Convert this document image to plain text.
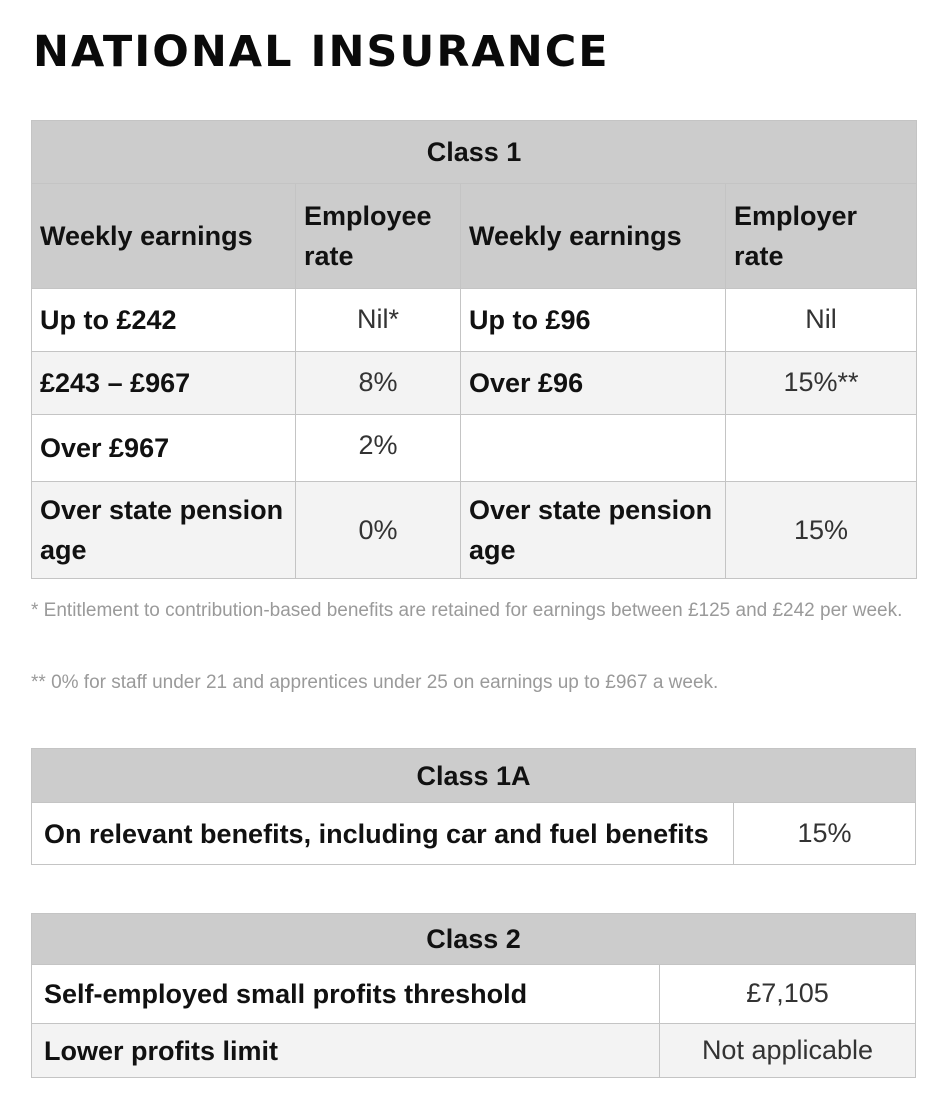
NATIONAL INSURANCE
Class 1			
Weekly earnings	Employee rate	Weekly earnings	Employer rate
Up to £242	Nil*	Up to £96	Nil
£243 – £967	8%	Over £96	15%**
Over £967	2%		
Over state pension age	0%	Over state pension age	15%

* Entitlement to contribution-based benefits are retained for earnings between £125 and £242 per week.

** 0% for staff under 21 and apprentices under 25 on earnings up to £967 a week.

Class 1A
On relevant benefits, including car and fuel benefits	15%
Class 2	
Self-employed small profits threshold	£7,105
Lower profits limit	Not applicable
